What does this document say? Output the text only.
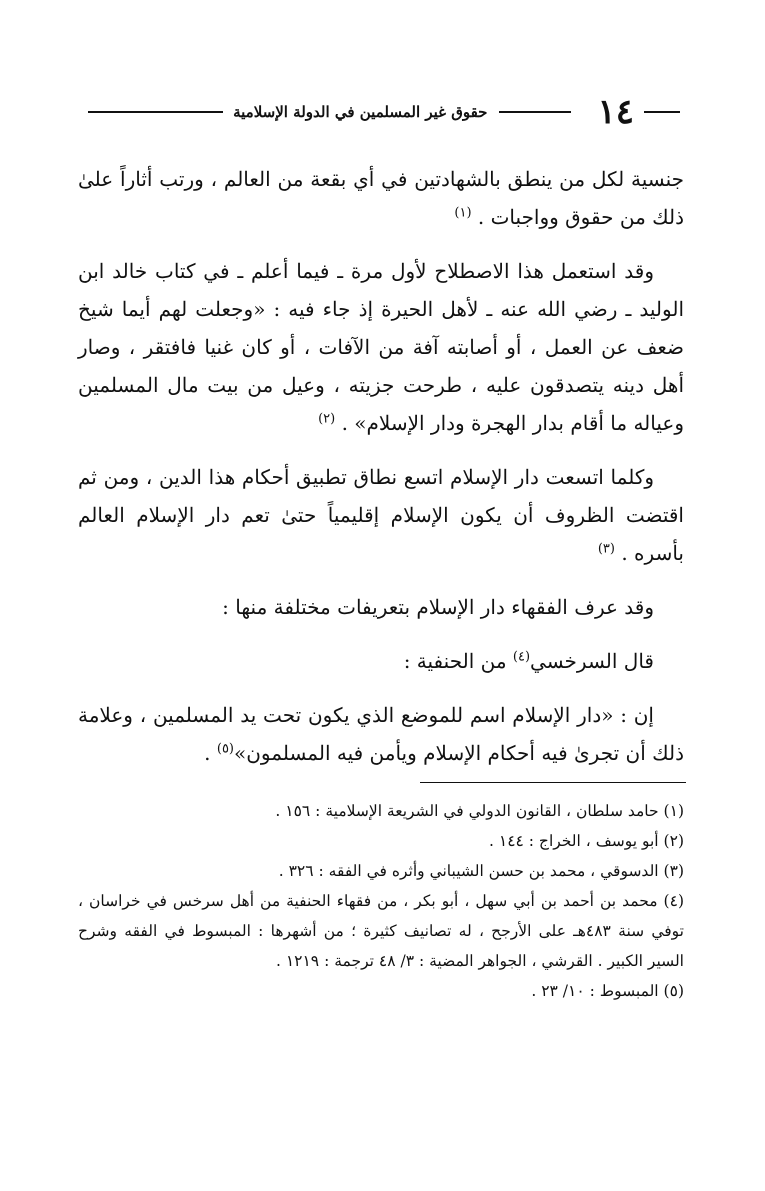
١٤
حقوق غير المسلمين في الدولة الإسلامية

جنسية لكل من ينطق بالشهادتين في أي بقعة من العالم ، ورتب أثاراً علىٰ ذلك من حقوق وواجبات . $^{(١)}$

وقد استعمل هذا الاصطلاح لأول مرة ـ فيما أعلم ـ في كتاب خالد ابن الوليد ـ رضي الله عنه ـ لأهل الحيرة إذ جاء فيه : «وجعلت لهم أيما شيخ ضعف عن العمل ، أو أصابته آفة من الآفات ، أو كان غنيا فافتقر ، وصار أهل دينه يتصدقون عليه ، طرحت جزيته ، وعيل من بيت مال المسلمين وعياله ما أقام بدار الهجرة ودار الإسلام» . $^{(٢)}$

وكلما اتسعت دار الإسلام اتسع نطاق تطبيق أحكام هذا الدين ، ومن ثم اقتضت الظروف أن يكون الإسلام إقليمياً حتىٰ تعم دار الإسلام العالم بأسره . $^{(٣)}$

وقد عرف الفقهاء دار الإسلام بتعريفات مختلفة منها :

قال السرخسي$^{(٤)}$ من الحنفية :

إن : «دار الإسلام اسم للموضع الذي يكون تحت يد المسلمين ، وعلامة ذلك أن تجرىٰ فيه أحكام الإسلام ويأمن فيه المسلمون»$^{(٥)}$ .

(١) حامد سلطان ، القانون الدولي في الشريعة الإسلامية : ١٥٦ .

(٢) أبو يوسف ، الخراج : ١٤٤ .

(٣) الدسوقي ، محمد بن حسن الشيباني وأثره في الفقه : ٣٢٦ .

(٤) محمد بن أحمد بن أبي سهل ، أبو بكر ، من فقهاء الحنفية من أهل سرخس في خراسان ، توفي سنة ٤٨٣هـ على الأرجح ، له تصانيف كثيرة ؛ من أشهرها : المبسوط في الفقه وشرح السير الكبير . القرشي ، الجواهر المضية : ٣/ ٤٨ ترجمة : ١٢١٩ .

(٥) المبسوط : ١٠/ ٢٣ .
